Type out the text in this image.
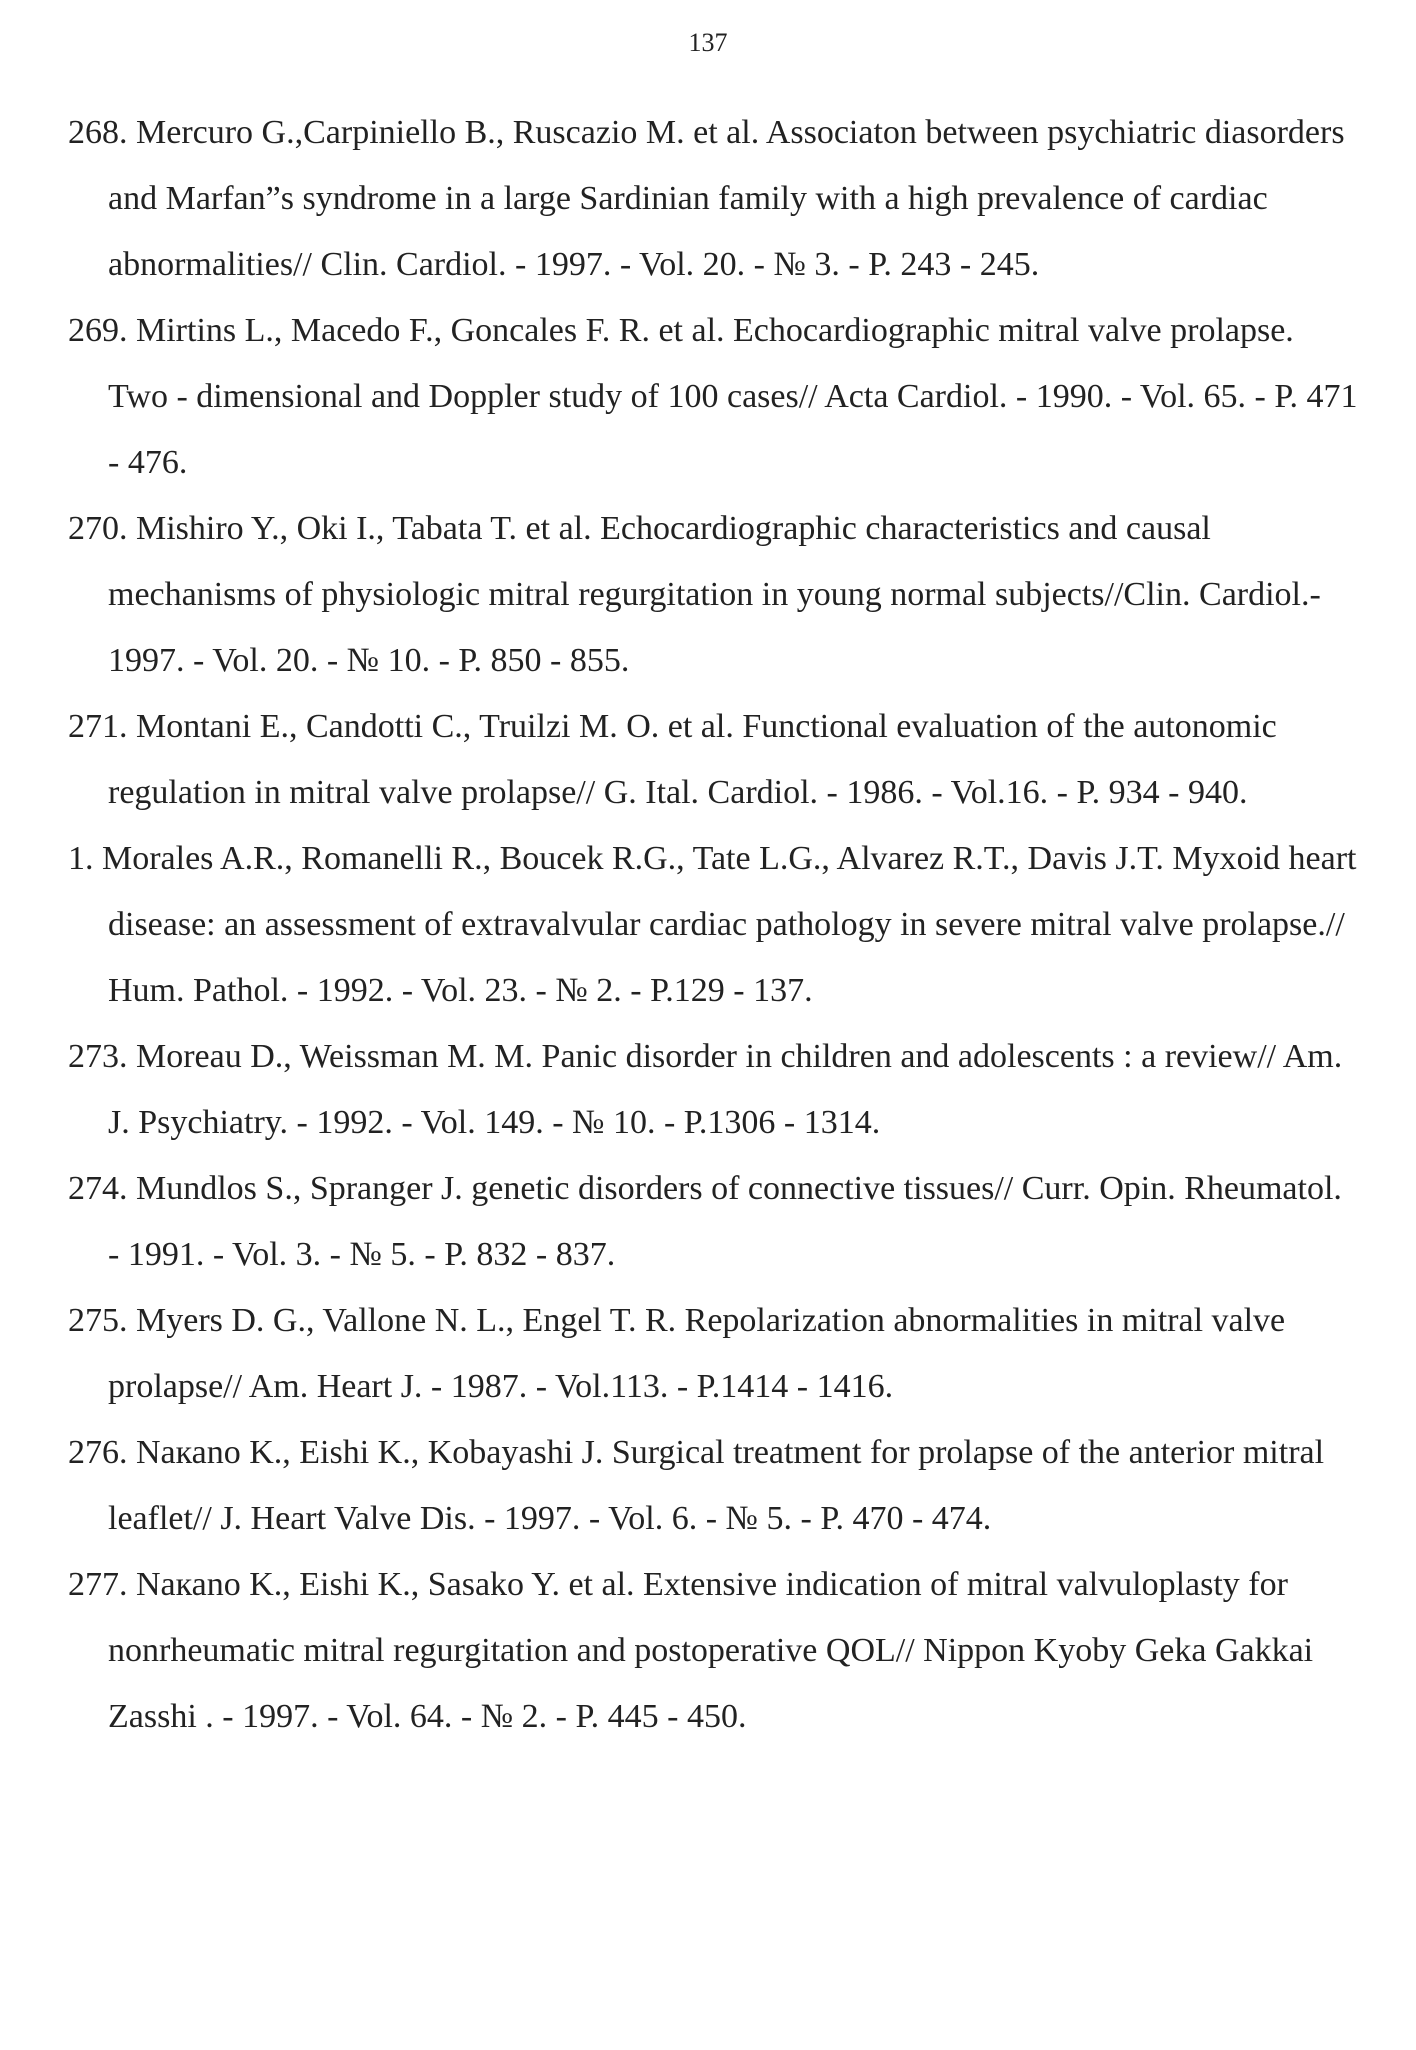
137

268. Mercuro G.,Carpiniello B., Ruscazio M. et al. Associaton between psychiatric diasorders and Marfan”s syndrome in a large Sardinian family with a high prevalence of cardiac abnormalities// Clin. Cardiol. - 1997. - Vol. 20. - № 3. - P. 243 - 245.

269. Mirtins L., Macedo F., Goncales F. R. et al. Echocardiographic mitral valve prolapse. Two - dimensional and Doppler study of 100 cases// Acta Cardiol. - 1990. - Vol. 65. - P. 471 - 476.

270. Mishiro Y., Oki I., Tabata T. et al. Echocardiographic characteristics and causal mechanisms of physiologic mitral regurgitation in young normal subjects//Clin. Cardiol.- 1997. - Vol. 20. - № 10. - P. 850 - 855.

271. Montani E., Candotti C., Truilzi M. O. et al. Functional evaluation of the autonomic regulation in mitral valve prolapse// G. Ital. Cardiol. - 1986. - Vol.16. - P. 934 - 940.

1. Morales A.R., Romanelli R., Boucek R.G., Tate L.G., Alvarez R.T., Davis J.T. Myxoid heart disease: an assessment of extravalvular cardiac pathology in severe mitral valve prolapse.// Hum. Pathol. - 1992. - Vol. 23. - № 2. - P.129 - 137.

273. Moreau D., Weissman M. M. Panic disorder in children and adolescents : a review// Am. J. Psychiatry. - 1992. - Vol. 149. - № 10. - P.1306 - 1314.

274. Mundlos S., Spranger J. genetic disorders of connective tissues// Curr. Opin. Rheumatol. - 1991. - Vol. 3. - № 5. - P. 832 - 837.

275. Myers D. G., Vallone N. L., Engel T. R. Repolarization abnormalities in mitral valve prolapse// Am. Heart J. - 1987. - Vol.113. - P.1414 - 1416.

276. Naкаno K., Eishi K., Kobayashi J. Surgical treatment for prolapse of the anterior mitral leaflet// J. Heart Valve Dis. - 1997. - Vol. 6. - № 5. - P. 470 - 474.

277. Naкаno K., Eishi K., Sasako Y. et al. Extensive indication of mitral valvuloplasty for nonrheumatic mitral regurgitation and postoperative QOL// Nippon Kyoby Geka Gakkai Zasshi . - 1997. - Vol. 64. - № 2. - P. 445 - 450.
